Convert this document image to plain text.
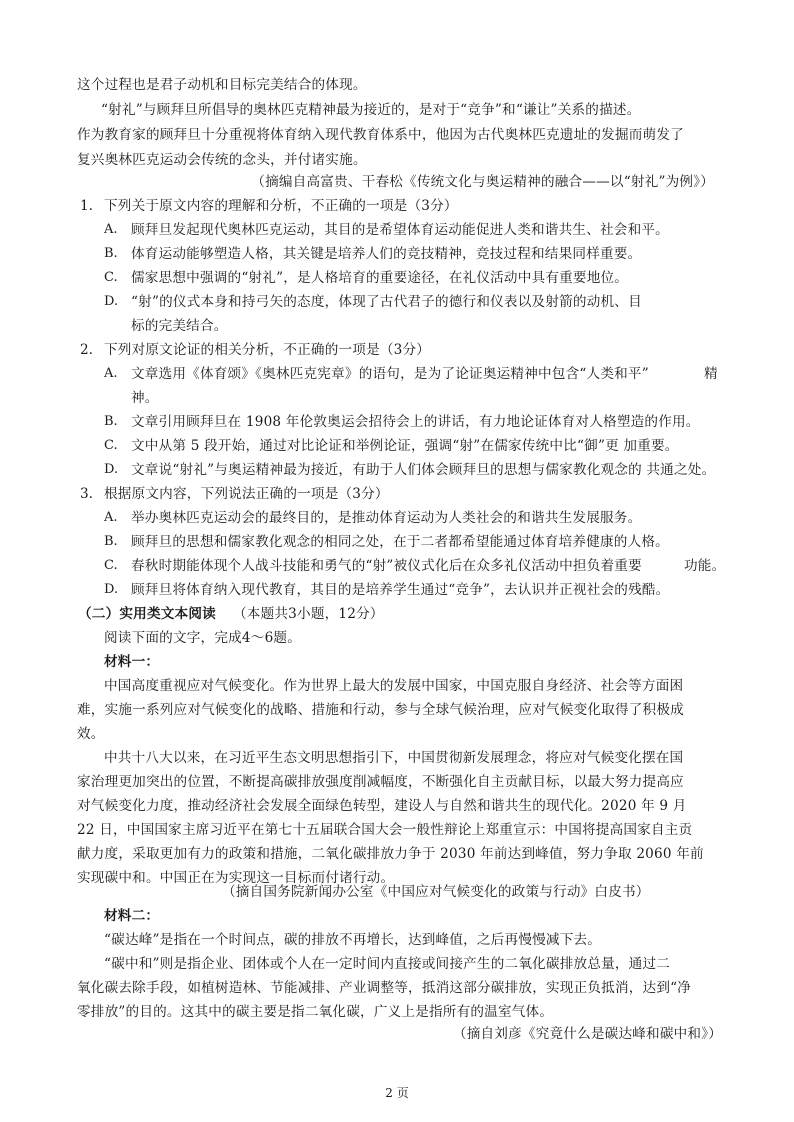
这个过程也是君子动机和目标完美结合的体现。
“射礼”与顾拜旦所倡导的奥林匹克精神最为接近的，是对于“竞争”和“谦让”关系的描述。
作为教育家的顾拜旦十分重视将体育纳入现代教育体系中，他因为古代奥林匹克遗址的发掘而萌发了
复兴奥林匹克运动会传统的念头，并付诸实施。
（摘编自高富贵、干春松《传统文化与奥运精神的融合——以“射礼”为例》）
1. 下列关于原文内容的理解和分析，不正确的一项是（3分）
A. 顾拜旦发起现代奥林匹克运动，其目的是希望体育运动能促进人类和谐共生、社会和平。
B. 体育运动能够塑造人格，其关键是培养人们的竞技精神，竞技过程和结果同样重要。
C. 儒家思想中强调的“射礼”，是人格培育的重要途径，在礼仪活动中具有重要地位。
D. “射”的仪式本身和持弓矢的态度，体现了古代君子的德行和仪表以及射箭的动机、目
标的完美结合。
2. 下列对原文论证的相关分析，不正确的一项是（3分）
A. 文章选用《体育颂》《奥林匹克宪章》的语句，是为了论证奥运精神中包含“人类和平”	精
神。
B. 文章引用顾拜旦在 1908 年伦敦奥运会招待会上的讲话，有力地论证体育对人格塑造的作用。
C. 文中从第 5 段开始，通过对比论证和举例论证，强调“射”在儒家传统中比“御”更 加重要。
D. 文章说“射礼”与奥运精神最为接近，有助于人们体会顾拜旦的思想与儒家教化观念的 共通之处。
3. 根据原文内容，下列说法正确的一项是（3分）
A. 举办奥林匹克运动会的最终目的，是推动体育运动为人类社会的和谐共生发展服务。
B. 顾拜旦的思想和儒家教化观念的相同之处，在于二者都希望能通过体育培养健康的人格。
C. 春秋时期能体现个人战斗技能和勇气的“射”被仪式化后在众多礼仪活动中担负着重要	功能。
D. 顾拜旦将体育纳入现代教育，其目的是培养学生通过“竞争”，去认识并正视社会的残酷。
（二）实用类文本阅读 （本题共3小题，12分）
阅读下面的文字，完成4～6题。
材料一：
中国高度重视应对气候变化。作为世界上最大的发展中国家，中国克服自身经济、社会等方面困
难，实施一系列应对气候变化的战略、措施和行动，参与全球气候治理，应对气候变化取得了积极成
效。
中共十八大以来，在习近平生态文明思想指引下，中国贯彻新发展理念，将应对气候变化摆在国
家治理更加突出的位置，不断提高碳排放强度削减幅度，不断强化自主贡献目标，以最大努力提高应
对气候变化力度，推动经济社会发展全面绿色转型，建设人与自然和谐共生的现代化。2020 年 9 月
22 日，中国国家主席习近平在第七十五届联合国大会一般性辩论上郑重宣示：中国将提高国家自主贡
献力度，采取更加有力的政策和措施，二氧化碳排放力争于 2030 年前达到峰值，努力争取 2060 年前
实现碳中和。中国正在为实现这一目标而付诸行动。
（摘自国务院新闻办公室《中国应对气候变化的政策与行动》白皮书）
材料二：
“碳达峰”是指在一个时间点，碳的排放不再增长，达到峰值，之后再慢慢减下去。
“碳中和”则是指企业、团体或个人在一定时间内直接或间接产生的二氧化碳排放总量，通过二
氧化碳去除手段，如植树造林、节能减排、产业调整等，抵消这部分碳排放，实现正负抵消，达到“净
零排放”的目的。这其中的碳主要是指二氧化碳，广义上是指所有的温室气体。
（摘自刘彦《究竟什么是碳达峰和碳中和》）
2 页
